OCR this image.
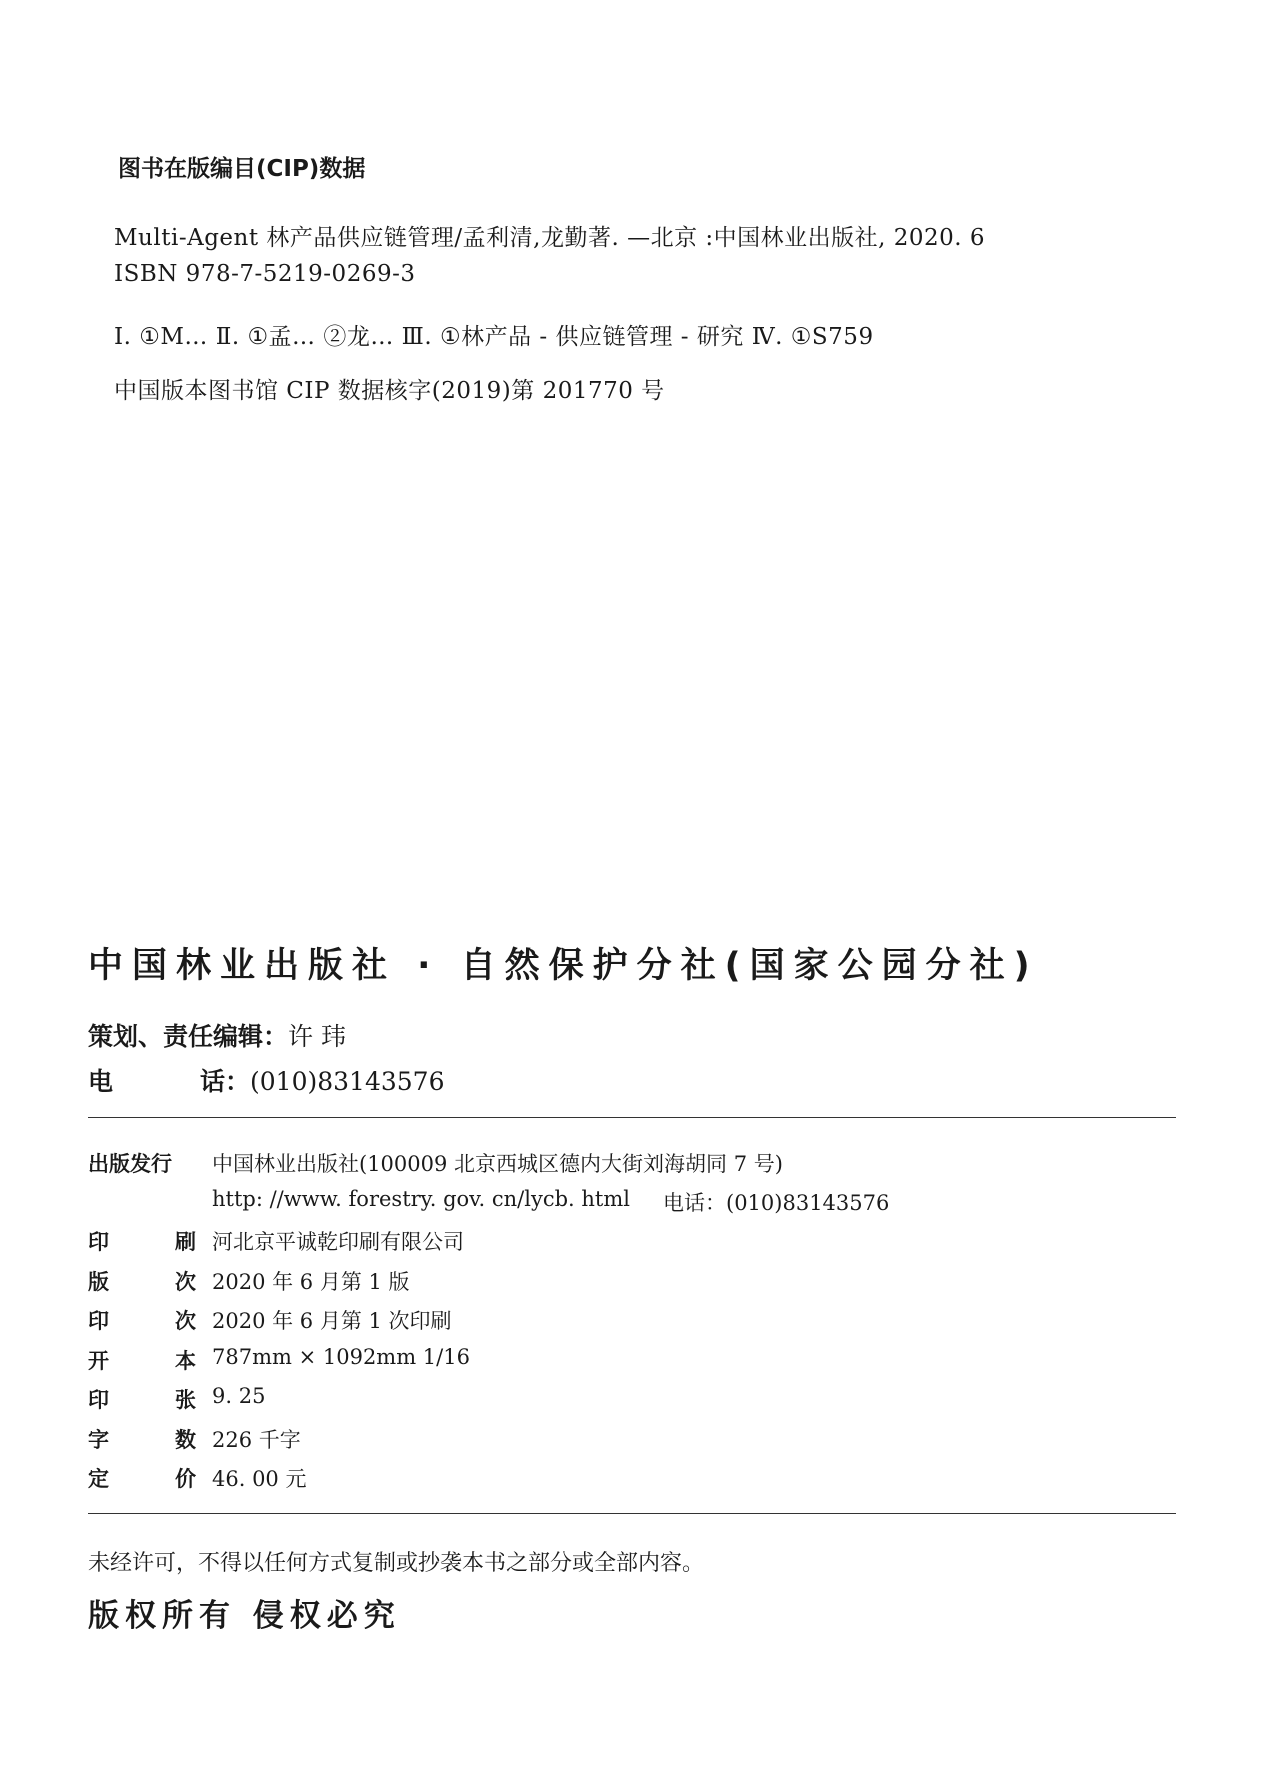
图书在版编目(CIP)数据
Multi-Agent 林产品供应链管理/孟利清,龙勤著. —北京 :中国林业出版社, 2020. 6
ISBN 978-7-5219-0269-3
Ⅰ. ①M… Ⅱ. ①孟… ②龙… Ⅲ. ①林产品 - 供应链管理 - 研究 Ⅳ. ①S759
中国版本图书馆 CIP 数据核字(2019)第 201770 号
中国林业出版社 · 自然保护分社(国家公园分社)
策划、责任编辑：许 玮
电	话：(010)83143576
出版发行	中国林业出版社(100009 北京西城区德内大街刘海胡同 7 号)
http: //www. forestry. gov. cn/lycb. html 电话：(010)83143576
印	刷 河北京平诚乾印刷有限公司
版	次 2020 年 6 月第 1 版
印	次 2020 年 6 月第 1 次印刷
开	本 787mm × 1092mm 1/16
印	张 9. 25
字	数 226 千字
定	价 46. 00 元
未经许可，不得以任何方式复制或抄袭本书之部分或全部内容。
版权所有 侵权必究
